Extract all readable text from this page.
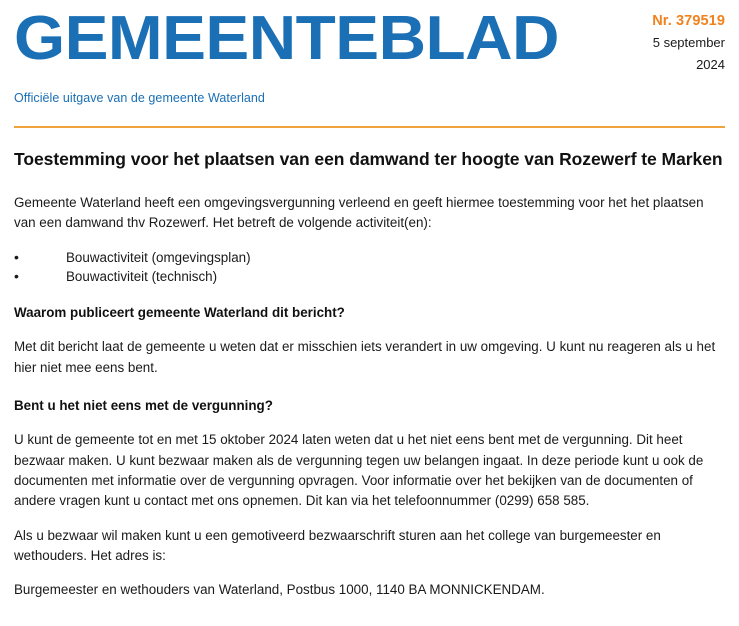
GEMEENTEBLAD	Nr. 379519
5 september
2024
Officiële uitgave van de gemeente Waterland
Toestemming voor het plaatsen van een damwand ter hoogte van Rozewerf te Marken

Gemeente Waterland heeft een omgevingsvergunning verleend en geeft hiermee toestemming voor het het plaatsen van een damwand thv Rozewerf. Het betreft de volgende activiteit(en):

• Bouwactiviteit (omgevingsplan)
• Bouwactiviteit (technisch)
Waarom publiceert gemeente Waterland dit bericht?

Met dit bericht laat de gemeente u weten dat er misschien iets verandert in uw omgeving. U kunt nu reageren als u het hier niet mee eens bent.

Bent u het niet eens met de vergunning?

U kunt de gemeente tot en met 15 oktober 2024 laten weten dat u het niet eens bent met de vergunning. Dit heet bezwaar maken. U kunt bezwaar maken als de vergunning tegen uw belangen ingaat. In deze periode kunt u ook de documenten met informatie over de vergunning opvragen. Voor informatie over het bekijken van de documenten of andere vragen kunt u contact met ons opnemen. Dit kan via het telefoonnummer (0299) 658 585.

Als u bezwaar wil maken kunt u een gemotiveerd bezwaarschrift sturen aan het college van burgemeester en wethouders. Het adres is:

Burgemeester en wethouders van Waterland, Postbus 1000, 1140 BA MONNICKENDAM.
